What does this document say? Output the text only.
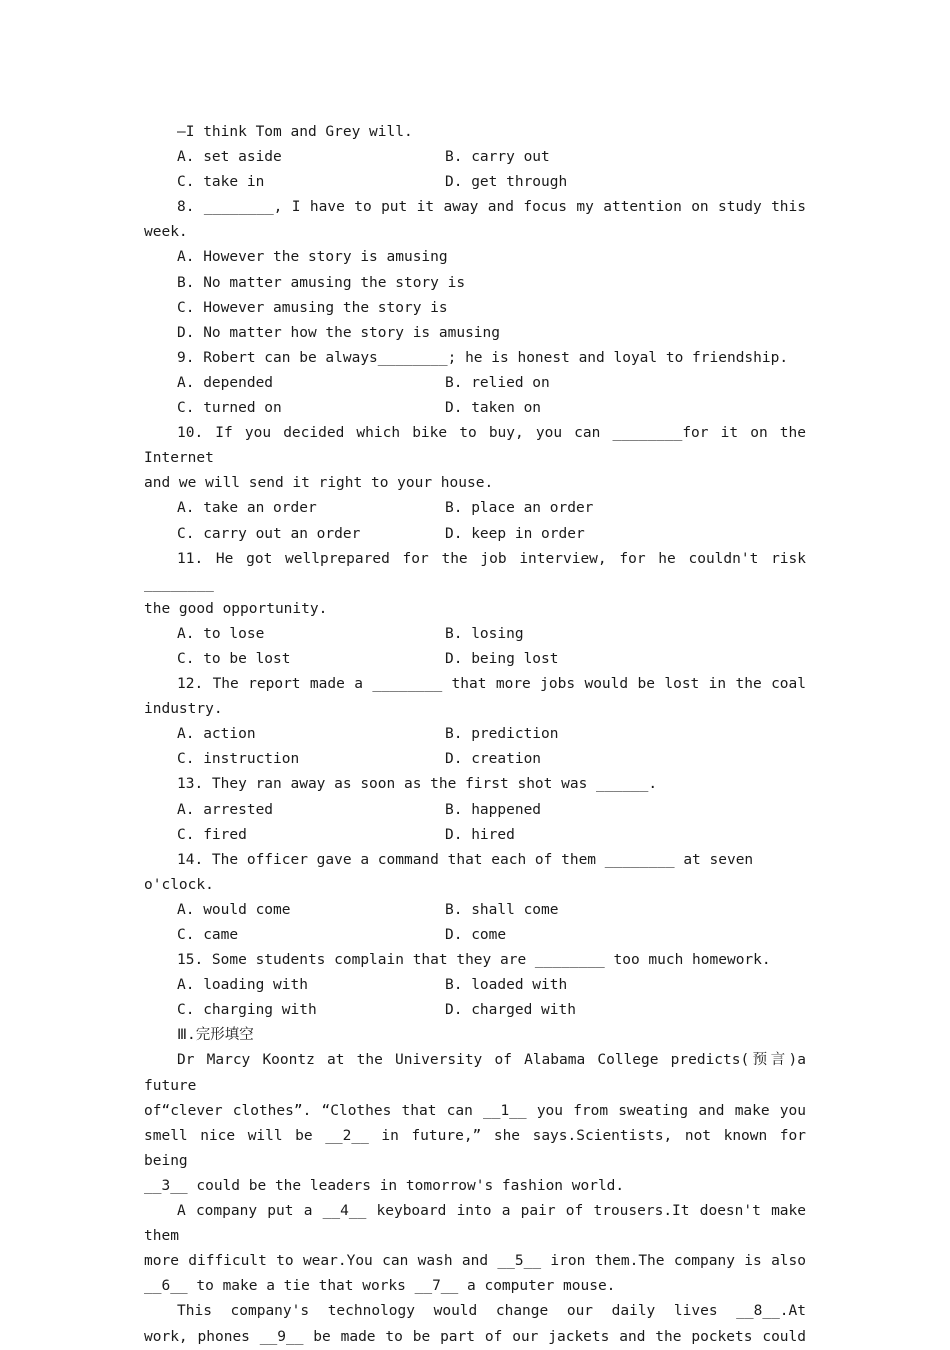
—I think Tom and Grey will.
A. set aside	B. carry out
C. take in	D. get through
8. ________, I have to put it away and focus my attention on study this
week.
A. However the story is amusing
B. No matter amusing the story is
C. However amusing the story is
D. No matter how the story is amusing
9. Robert can be always________; he is honest and loyal to friendship.
A. depended	B. relied on
C. turned on	D. taken on
10. If you decided which bike to buy, you can ________for it on the Internet
and we will send it right to your house.
A. take an order	B. place an order
C. carry out an order	D. keep in order
11. He got wellprepared for the job interview, for he couldn't risk ________
the good opportunity.
A. to lose	B. losing
C. to be lost	D. being lost
12. The report made a ________ that more jobs would be lost in the coal
industry.
A. action	B. prediction
C. instruction	D. creation
13. They ran away as soon as the first shot was ______.
A. arrested	B. happened
C. fired	D. hired
14. The officer gave a command that each of them ________ at seven o'clock.
A. would come	B. shall come
C. came	D. come
15. Some students complain that they are ________ too much homework.
A. loading with	B. loaded with
C. charging with	D. charged with
Ⅲ.完形填空
Dr Marcy Koontz at the University of Alabama College predicts(预言)a future
of“clever clothes”. “Clothes that can __1__ you from sweating and make you
smell nice will be __2__ in future,” she says.Scientists, not known for being
__3__ could be the leaders in tomorrow's fashion world.
A company put a __4__ keyboard into a pair of trousers.It doesn't make them
more difficult to wear.You can wash and __5__ iron them.The company is also
__6__ to make a tie that works __7__ a computer mouse.
This company's technology would change our daily lives __8__.At
work, phones __9__ be made to be part of our jackets and the pockets could
